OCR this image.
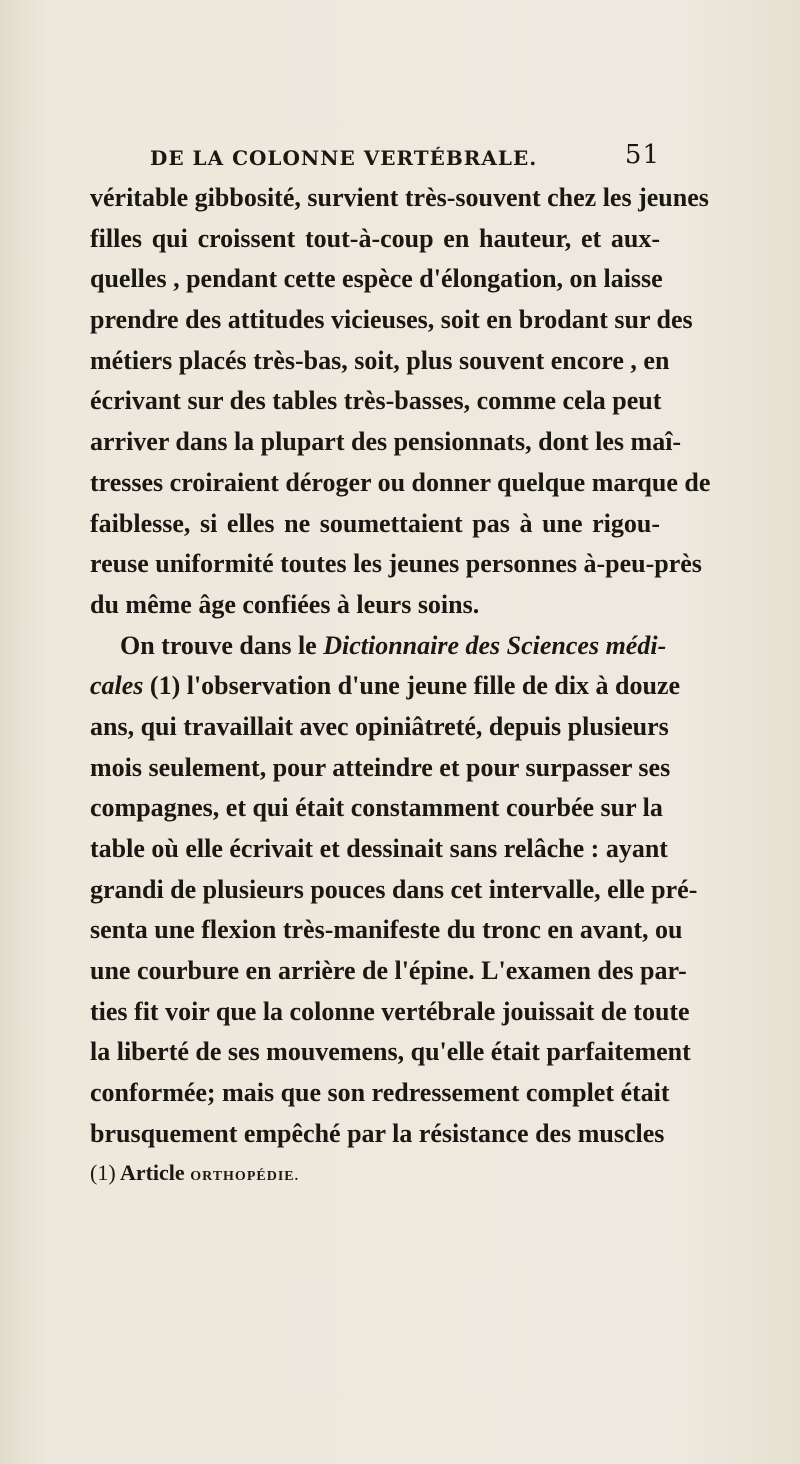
DE LA COLONNE VERTÉBRALE.	51
véritable gibbosité, survient très-souvent chez les jeunes
filles qui croissent tout-à-coup en hauteur, et aux-
quelles , pendant cette espèce d'élongation, on laisse
prendre des attitudes vicieuses, soit en brodant sur des
métiers placés très-bas, soit, plus souvent encore , en
écrivant sur des tables très-basses, comme cela peut
arriver dans la plupart des pensionnats, dont les maî-
tresses croiraient déroger ou donner quelque marque de
faiblesse, si elles ne soumettaient pas à une rigou-
reuse uniformité toutes les jeunes personnes à-peu-près
du même âge confiées à leurs soins.
On trouve dans le Dictionnaire des Sciences médi-
cales (1) l'observation d'une jeune fille de dix à douze
ans, qui travaillait avec opiniâtreté, depuis plusieurs
mois seulement, pour atteindre et pour surpasser ses
compagnes, et qui était constamment courbée sur la
table où elle écrivait et dessinait sans relâche : ayant
grandi de plusieurs pouces dans cet intervalle, elle pré-
senta une flexion très-manifeste du tronc en avant, ou
une courbure en arrière de l'épine. L'examen des par-
ties fit voir que la colonne vertébrale jouissait de toute
la liberté de ses mouvemens, qu'elle était parfaitement
conformée; mais que son redressement complet était
brusquement empêché par la résistance des muscles
(1) Article ORTHOPÉDIE.
